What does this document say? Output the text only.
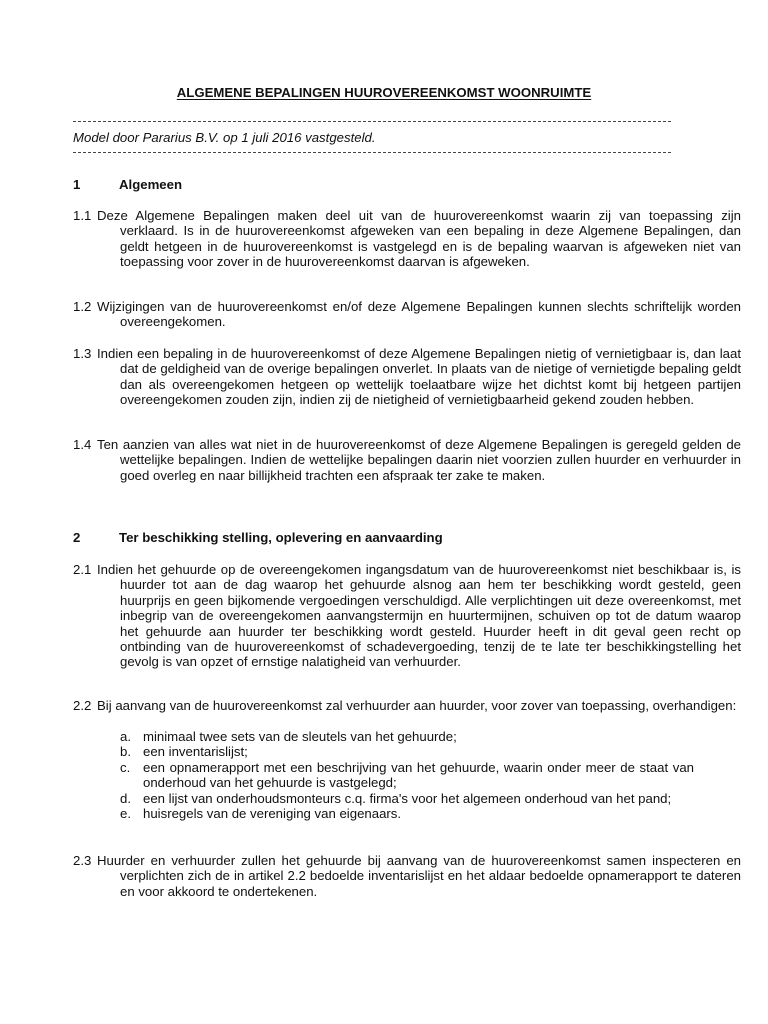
ALGEMENE BEPALINGEN HUUROVEREENKOMST WOONRUIMTE
Model door Pararius B.V. op 1 juli 2016 vastgesteld.
1	Algemeen
1.1 Deze Algemene Bepalingen maken deel uit van de huurovereenkomst waarin zij van toepassing zijn verklaard. Is in de huurovereenkomst afgeweken van een bepaling in deze Algemene Bepalingen, dan geldt hetgeen in de huurovereenkomst is vastgelegd en is de bepaling waarvan is afgeweken niet van toepassing voor zover in de huurovereenkomst daarvan is afgeweken.
1.2 Wijzigingen van de huurovereenkomst en/of deze Algemene Bepalingen kunnen slechts schriftelijk worden overeengekomen.
1.3 Indien een bepaling in de huurovereenkomst of deze Algemene Bepalingen nietig of vernietigbaar is, dan laat dat de geldigheid van de overige bepalingen onverlet. In plaats van de nietige of vernietigde bepaling geldt dan als overeengekomen hetgeen op wettelijk toelaatbare wijze het dichtst komt bij hetgeen partijen overeengekomen zouden zijn, indien zij de nietigheid of vernietigbaarheid gekend zouden hebben.
1.4 Ten aanzien van alles wat niet in de huurovereenkomst of deze Algemene Bepalingen is geregeld gelden de wettelijke bepalingen. Indien de wettelijke bepalingen daarin niet voorzien zullen huurder en verhuurder in goed overleg en naar billijkheid trachten een afspraak ter zake te maken.
2	Ter beschikking stelling, oplevering en aanvaarding
2.1 Indien het gehuurde op de overeengekomen ingangsdatum van de huurovereenkomst niet beschikbaar is, is huurder tot aan de dag waarop het gehuurde alsnog aan hem ter beschikking wordt gesteld, geen huurprijs en geen bijkomende vergoedingen verschuldigd. Alle verplichtingen uit deze overeenkomst, met inbegrip van de overeengekomen aanvangstermijn en huurtermijnen, schuiven op tot de datum waarop het gehuurde aan huurder ter beschikking wordt gesteld. Huurder heeft in dit geval geen recht op ontbinding van de huurovereenkomst of schadevergoeding, tenzij de te late ter beschikkingstelling het gevolg is van opzet of ernstige nalatigheid van verhuurder.
2.2 Bij aanvang van de huurovereenkomst zal verhuurder aan huurder, voor zover van toepassing, overhandigen:
a. minimaal twee sets van de sleutels van het gehuurde;
b. een inventarislijst;
c. een opnamerapport met een beschrijving van het gehuurde, waarin onder meer de staat van onderhoud van het gehuurde is vastgelegd;
d. een lijst van onderhoudsmonteurs c.q. firma's voor het algemeen onderhoud van het pand;
e. huisregels van de vereniging van eigenaars.
2.3 Huurder en verhuurder zullen het gehuurde bij aanvang van de huurovereenkomst samen inspecteren en verplichten zich de in artikel 2.2 bedoelde inventarislijst en het aldaar bedoelde opnamerapport te dateren en voor akkoord te ondertekenen.
